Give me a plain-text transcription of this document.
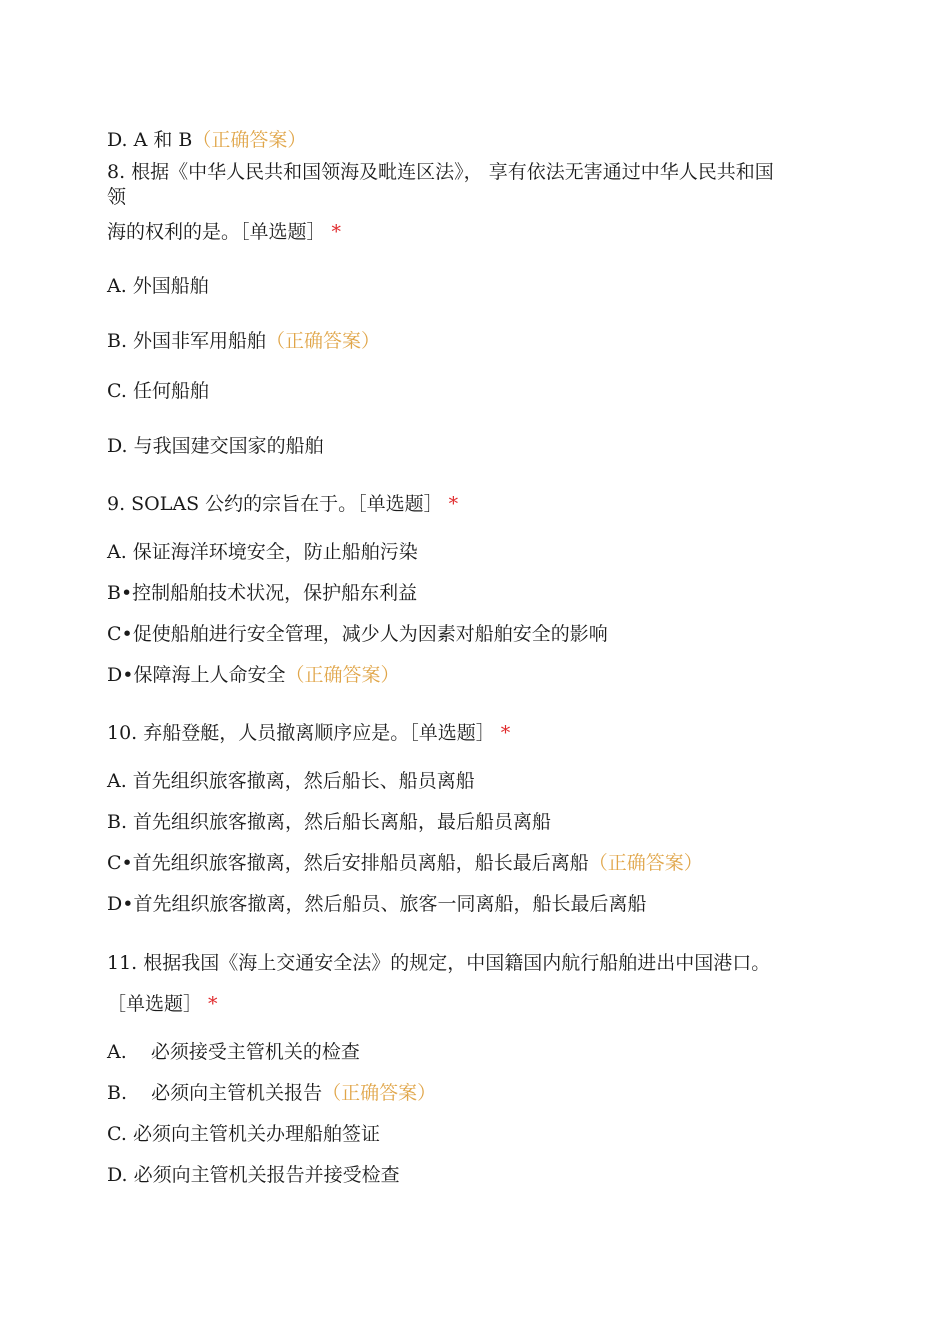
D. A 和 B（正确答案）
8. 根据《中华人民共和国领海及毗连区法》， 享有依法无害通过中华人民共和国
领
海的权利的是。［单选题］ *
A. 外国船舶
B. 外国非军用船舶（正确答案）
C. 任何船舶
D. 与我国建交国家的船舶
9. SOLAS 公约的宗旨在于。［单选题］ *
A. 保证海洋环境安全，防止船舶污染
B•控制船舶技术状况，保护船东利益
C•促使船舶进行安全管理，减少人为因素对船舶安全的影响
D•保障海上人命安全（正确答案）
10. 弃船登艇，人员撤离顺序应是。［单选题］ *
A. 首先组织旅客撤离，然后船长、船员离船
B. 首先组织旅客撤离，然后船长离船，最后船员离船
C•首先组织旅客撤离，然后安排船员离船，船长最后离船（正确答案）
D•首先组织旅客撤离，然后船员、旅客一同离船，船长最后离船
11. 根据我国《海上交通安全法》的规定，中国籍国内航行船舶进出中国港口。
［单选题］ *
A.    必须接受主管机关的检查
B.    必须向主管机关报告（正确答案）
C. 必须向主管机关办理船舶签证
D. 必须向主管机关报告并接受检查
